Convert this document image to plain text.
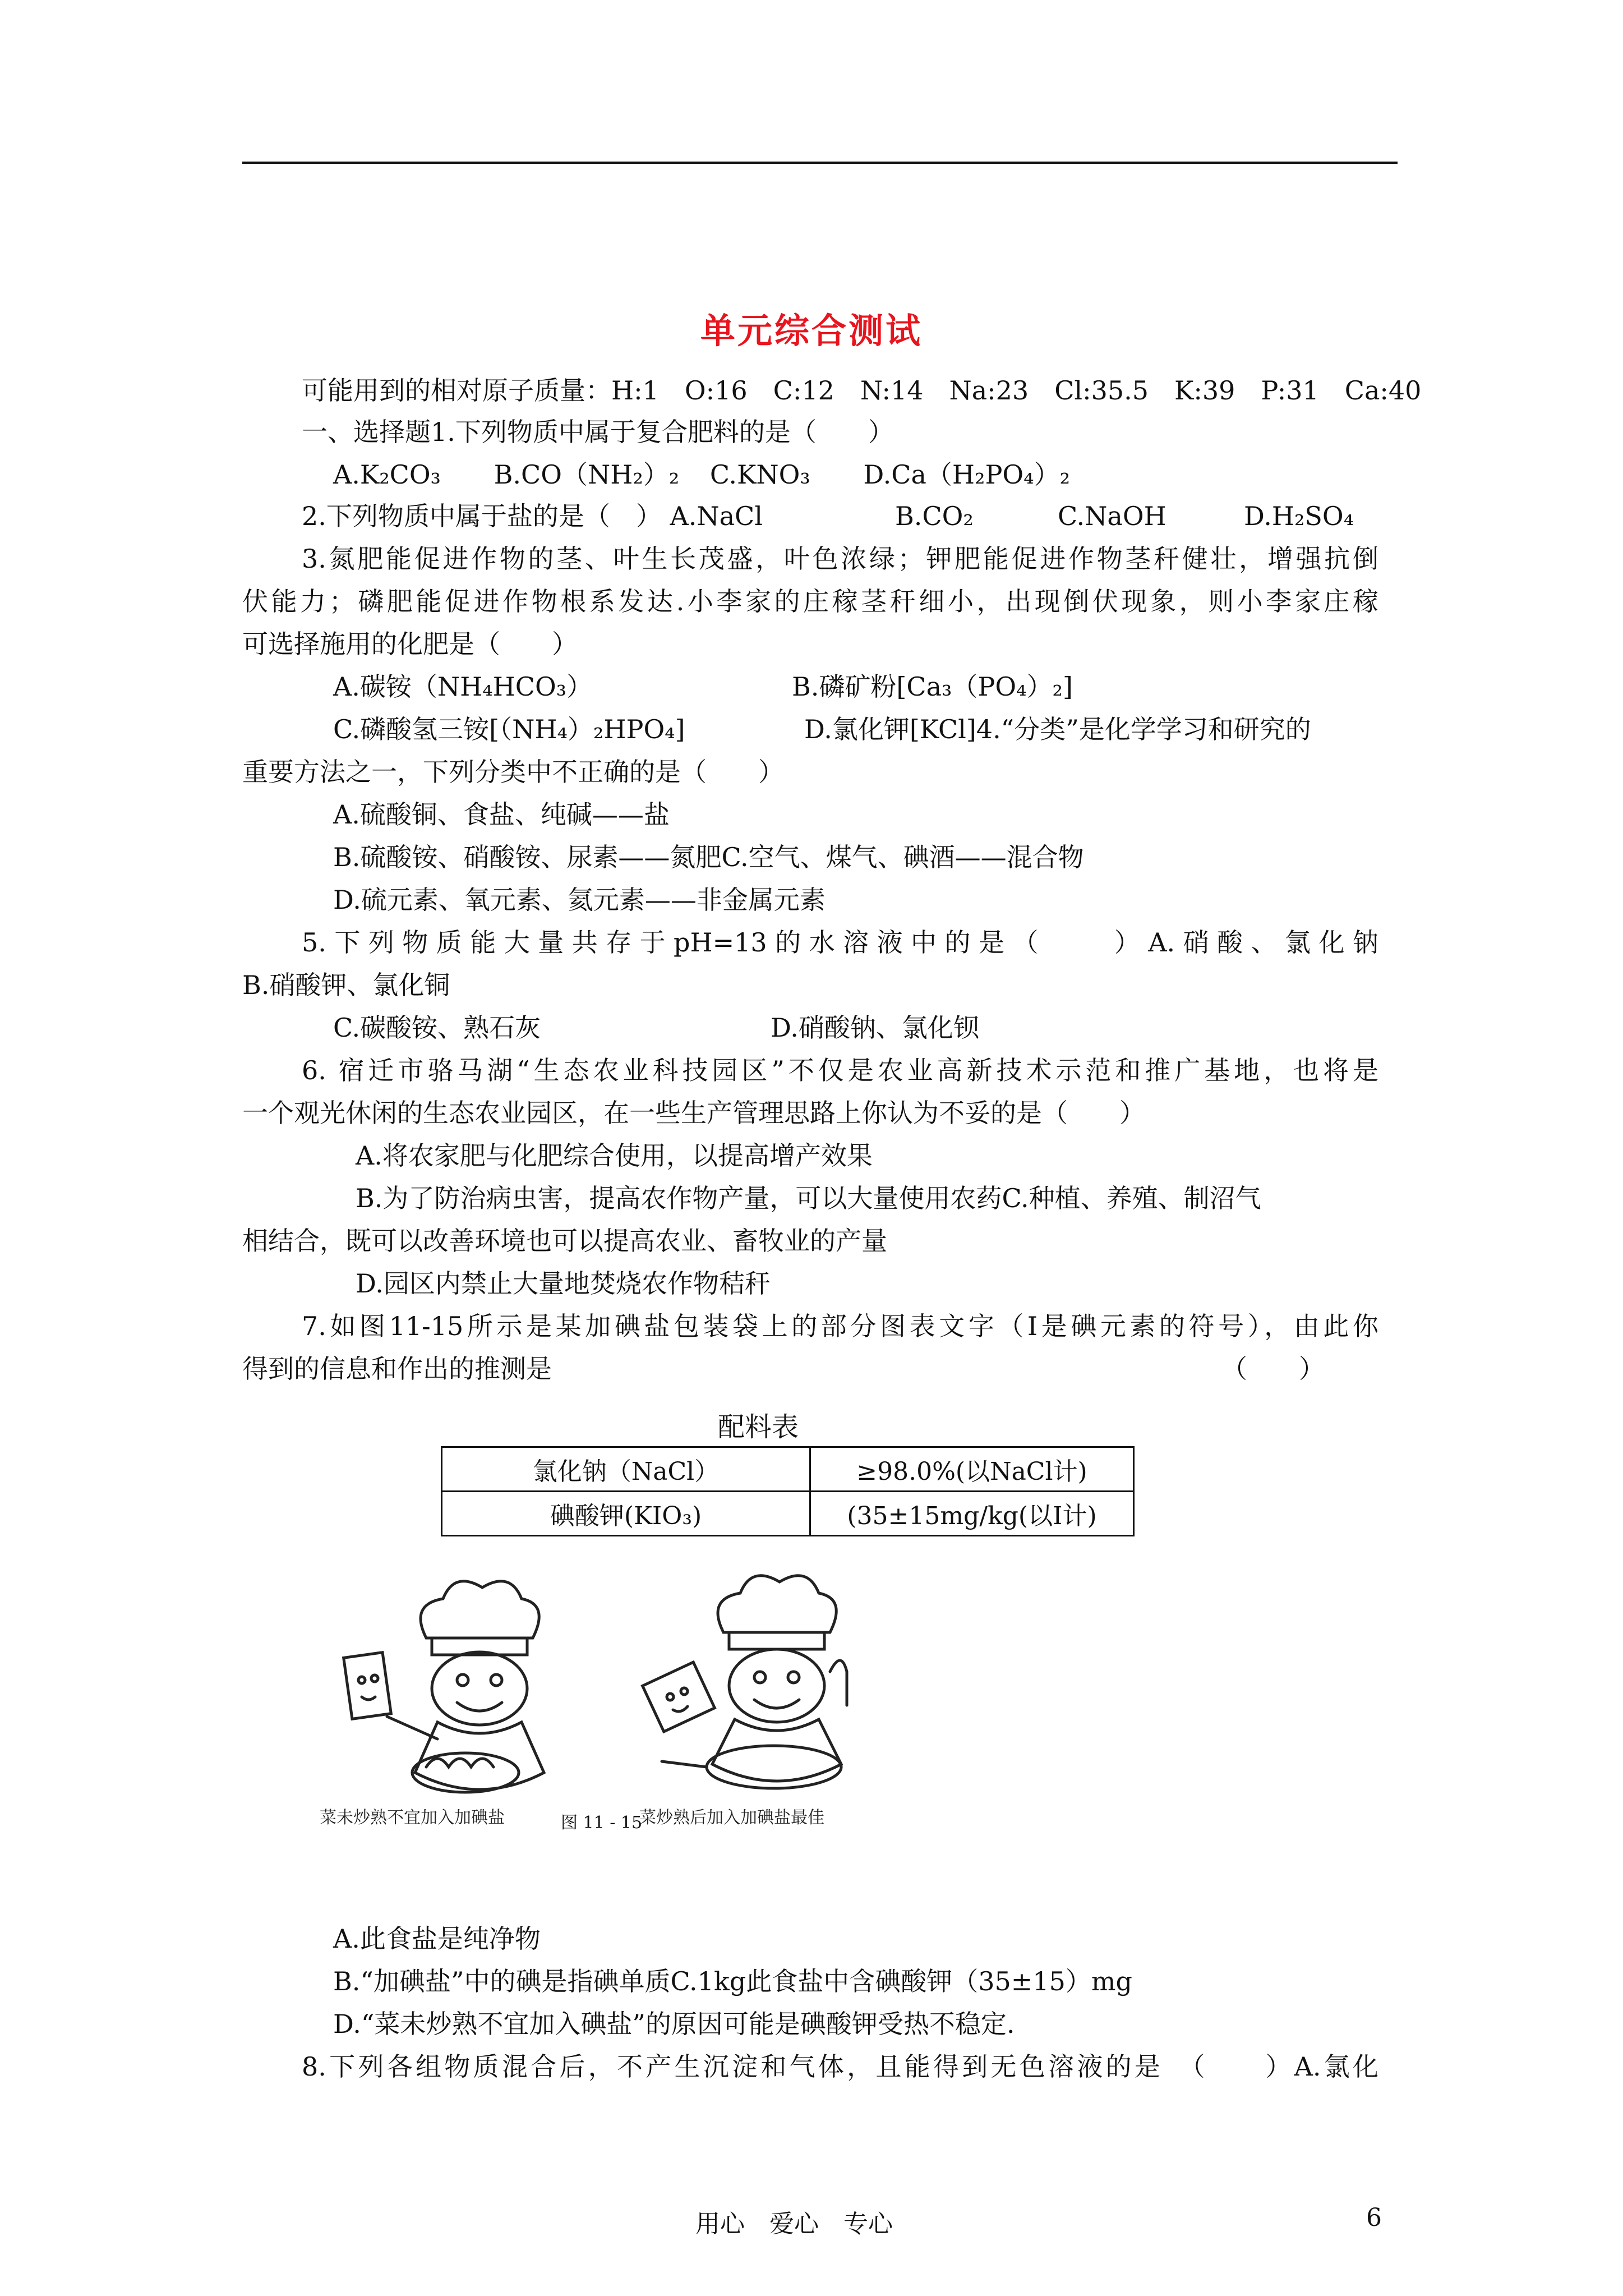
单元综合测试
可能用到的相对原子质量：H:1　O:16　C:12　N:14　Na:23　Cl:35.5　K:39　P:31　Ca:40
一、选择题1.下列物质中属于复合肥料的是（　　）
A.K₂CO₃ B.CO（NH₂）₂ C.KNO₃ D.Ca（H₂PO₄）₂
2.下列物质中属于盐的是（　） A.NaCl	B.CO₂	C.NaOH	D.H₂SO₄
3.氮肥能促进作物的茎、叶生长茂盛，叶色浓绿；钾肥能促进作物茎秆健壮，增强抗倒
伏能力；磷肥能促进作物根系发达.小李家的庄稼茎秆细小，出现倒伏现象，则小李家庄稼
可选择施用的化肥是（　　）
A.碳铵（NH₄HCO₃）	B.磷矿粉[Ca₃（PO₄）₂]
C.磷酸氢三铵[（NH₄）₂HPO₄]	D.氯化钾[KCl]4.“分类”是化学学习和研究的
重要方法之一，下列分类中不正确的是（　　）
A.硫酸铜、食盐、纯碱——盐
B.硫酸铵、硝酸铵、尿素——氮肥C.空气、煤气、碘酒——混合物
D.硫元素、氧元素、氦元素——非金属元素
5.下列物质能大量共存于pH=13的水溶液中的是（　　）A.硝酸、氯化钠
B.硝酸钾、氯化铜
C.碳酸铵、熟石灰	D.硝酸钠、氯化钡
6. 宿迁市骆马湖“生态农业科技园区”不仅是农业高新技术示范和推广基地，也将是
一个观光休闲的生态农业园区，在一些生产管理思路上你认为不妥的是（　　）
A.将农家肥与化肥综合使用，以提高增产效果
B.为了防治病虫害，提高农作物产量，可以大量使用农药C.种植、养殖、制沼气
相结合，既可以改善环境也可以提高农业、畜牧业的产量
D.园区内禁止大量地焚烧农作物秸秆
7.如图11-15所示是某加碘盐包装袋上的部分图表文字（I是碘元素的符号），由此你
得到的信息和作出的推测是	（　　）
配料表
氯化钠（NaCl）	≥98.0%(以NaCl计)
碘酸钾(KIO₃)	(35±15mg/kg(以I计)
菜未炒熟不宜加入加碘盐	菜炒熟后加入加碘盐最佳
图 11 - 15
A.此食盐是纯净物
B.“加碘盐”中的碘是指碘单质C.1kg此食盐中含碘酸钾（35±15）mg
D.“菜未炒熟不宜加入碘盐”的原因可能是碘酸钾受热不稳定.
8.下列各组物质混合后，不产生沉淀和气体，且能得到无色溶液的是　（　　）A.氯化
用心　爱心　专心	6
